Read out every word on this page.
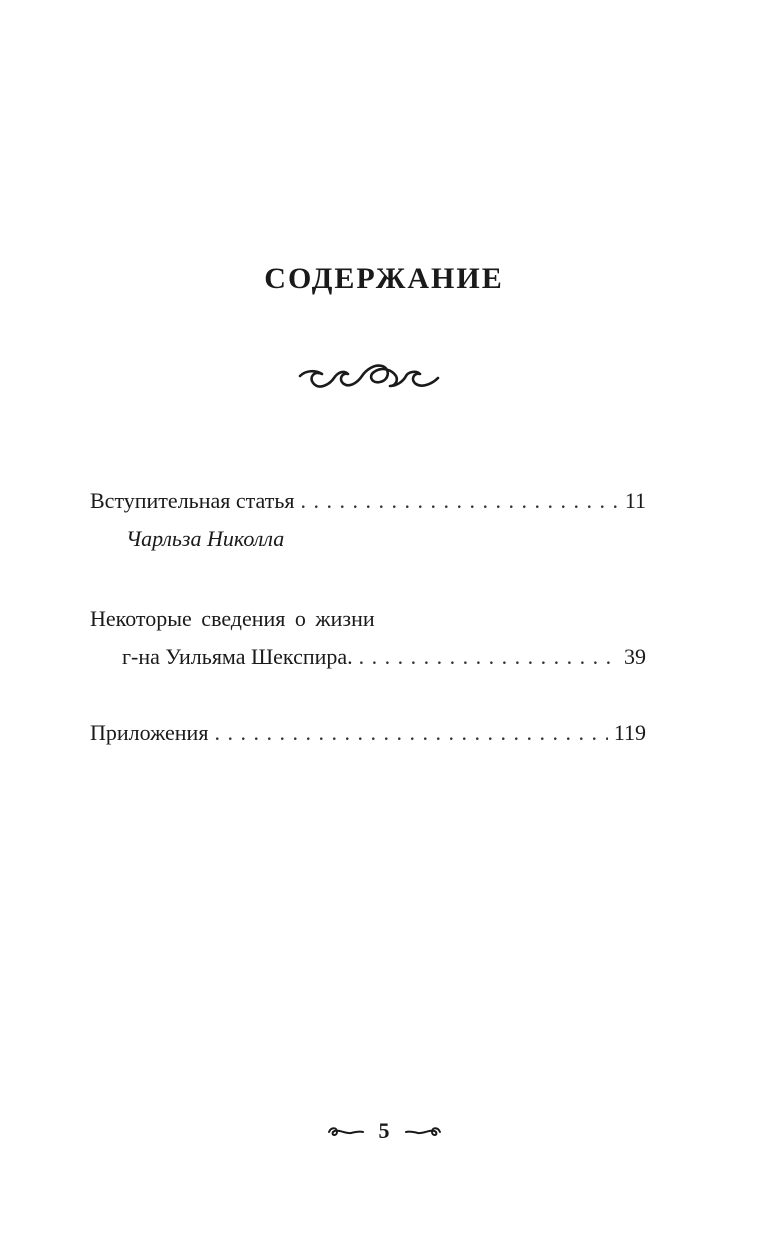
СОДЕРЖАНИЕ
Вступительная статья . . .	11
Чарльза Николла
Некоторые сведения о жизни
г-на Уильяма Шекспира. . . .	39
Приложения . . .	119
5
